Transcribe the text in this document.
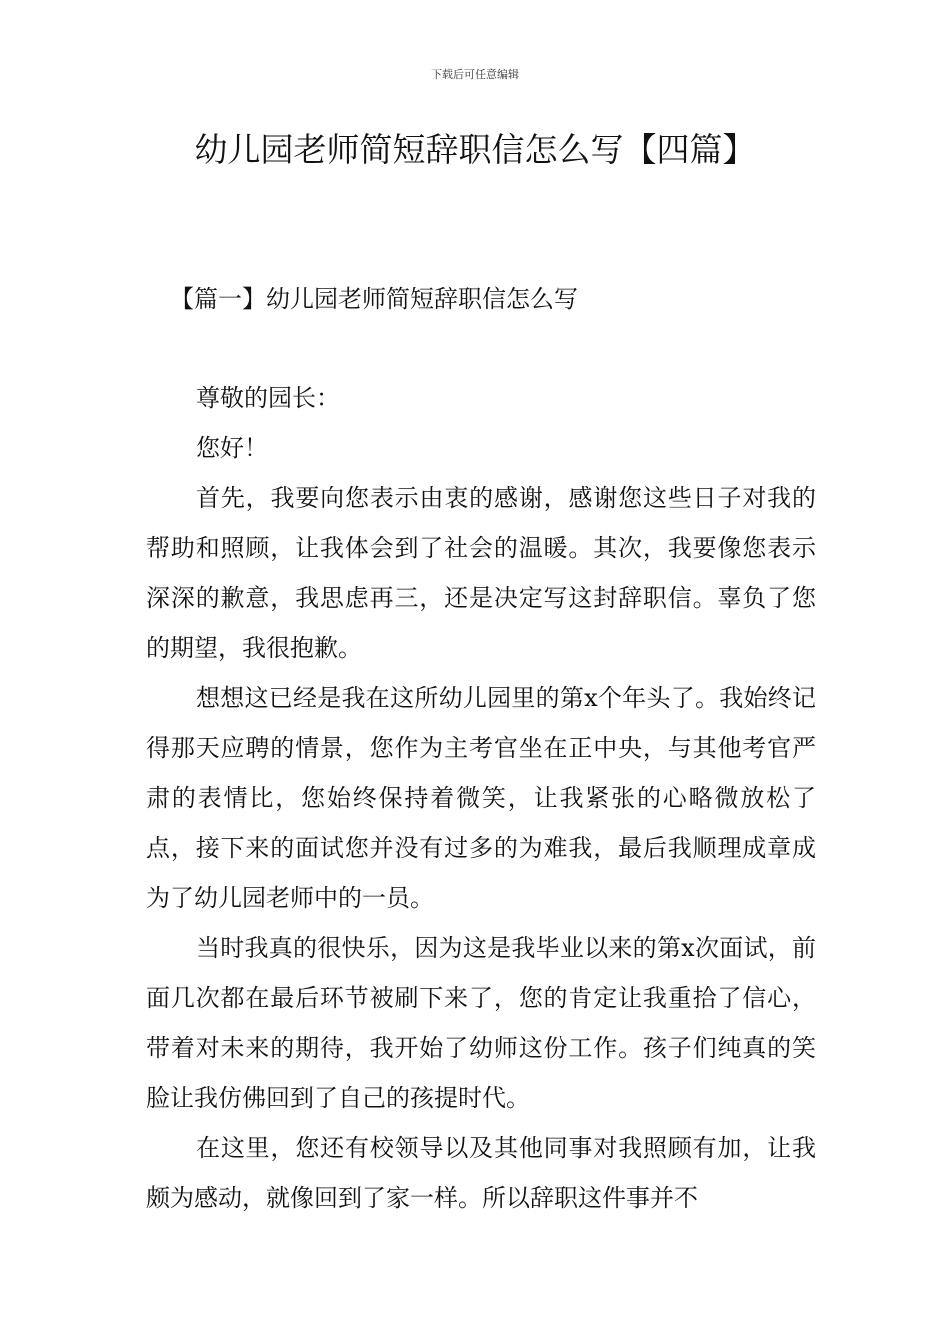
下载后可任意编辑
幼儿园老师简短辞职信怎么写【四篇】
【篇一】幼儿园老师简短辞职信怎么写

尊敬的园长：

您好！

首先，我要向您表示由衷的感谢，感谢您这些日子对我的帮助和照顾，让我体会到了社会的温暖。其次，我要像您表示深深的歉意，我思虑再三，还是决定写这封辞职信。辜负了您的期望，我很抱歉。

想想这已经是我在这所幼儿园里的第x个年头了。我始终记得那天应聘的情景，您作为主考官坐在正中央，与其他考官严肃的表情比，您始终保持着微笑，让我紧张的心略微放松了点，接下来的面试您并没有过多的为难我，最后我顺理成章成为了幼儿园老师中的一员。

当时我真的很快乐，因为这是我毕业以来的第x次面试，前面几次都在最后环节被刷下来了，您的肯定让我重拾了信心，带着对未来的期待，我开始了幼师这份工作。孩子们纯真的笑脸让我仿佛回到了自己的孩提时代。

在这里，您还有校领导以及其他同事对我照顾有加，让我颇为感动，就像回到了家一样。所以辞职这件事并不
